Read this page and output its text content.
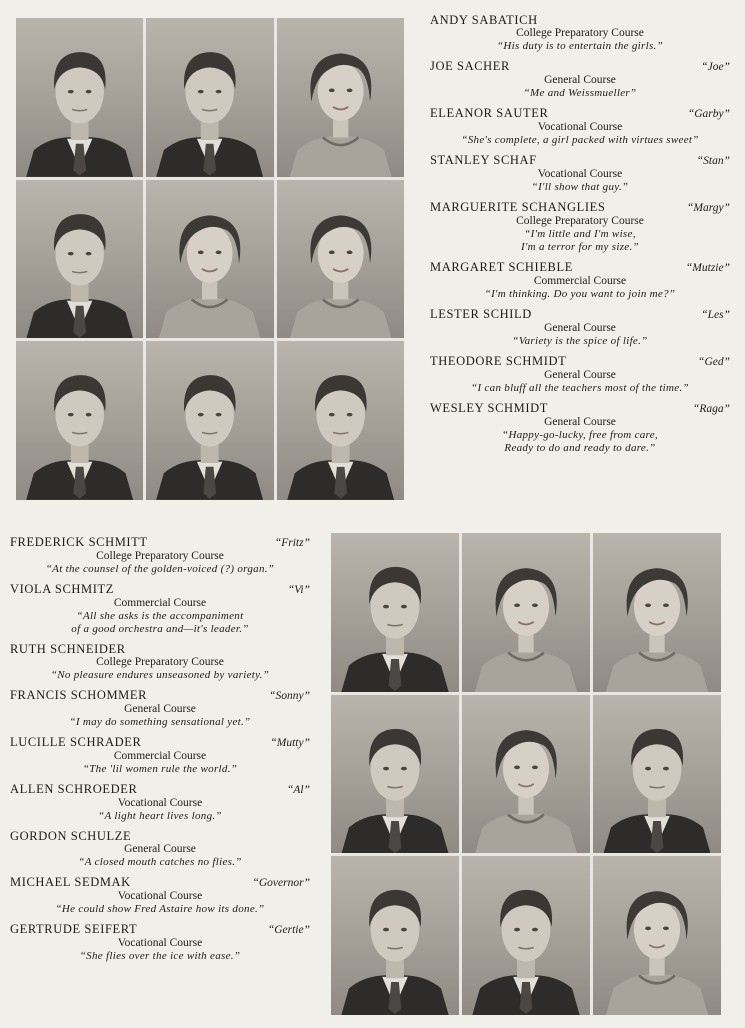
ANDY SABATICH
College Preparatory Course
“His duty is to entertain the girls.”
JOE SACHER	“Joe”
General Course
“Me and Weissmueller”
ELEANOR SAUTER	“Garby”
Vocational Course
“She's complete, a girl packed with virtues sweet”
STANLEY SCHAF	“Stan”
Vocational Course
“I'll show that guy.”
MARGUERITE SCHANGLIES	“Margy”
College Preparatory Course
“I'm little and I'm wise,
I'm a terror for my size.”
MARGARET SCHIEBLE	“Mutzie”
Commercial Course
“I'm thinking. Do you want to join me?”
LESTER SCHILD	“Les”
General Course
“Variety is the spice of life.”
THEODORE SCHMIDT	“Ged”
General Course
“I can bluff all the teachers most of the time.”
WESLEY SCHMIDT	“Raga”
General Course
“Happy-go-lucky, free from care,
Ready to do and ready to dare.”
FREDERICK SCHMITT	“Fritz”
College Preparatory Course
“At the counsel of the golden-voiced (?) organ.”
VIOLA SCHMITZ	“Vi”
Commercial Course
“All she asks is the accompaniment
of a good orchestra and—it's leader.”
RUTH SCHNEIDER
College Preparatory Course
“No pleasure endures unseasoned by variety.”
FRANCIS SCHOMMER	“Sonny”
General Course
“I may do something sensational yet.”
LUCILLE SCHRADER	“Mutty”
Commercial Course
“The 'lil women rule the world.”
ALLEN SCHROEDER	“Al”
Vocational Course
“A light heart lives long.”
GORDON SCHULZE
General Course
“A closed mouth catches no flies.”
MICHAEL SEDMAK	“Governor”
Vocational Course
“He could show Fred Astaire how its done.”
GERTRUDE SEIFERT	“Gertie”
Vocational Course
“She flies over the ice with ease.”
